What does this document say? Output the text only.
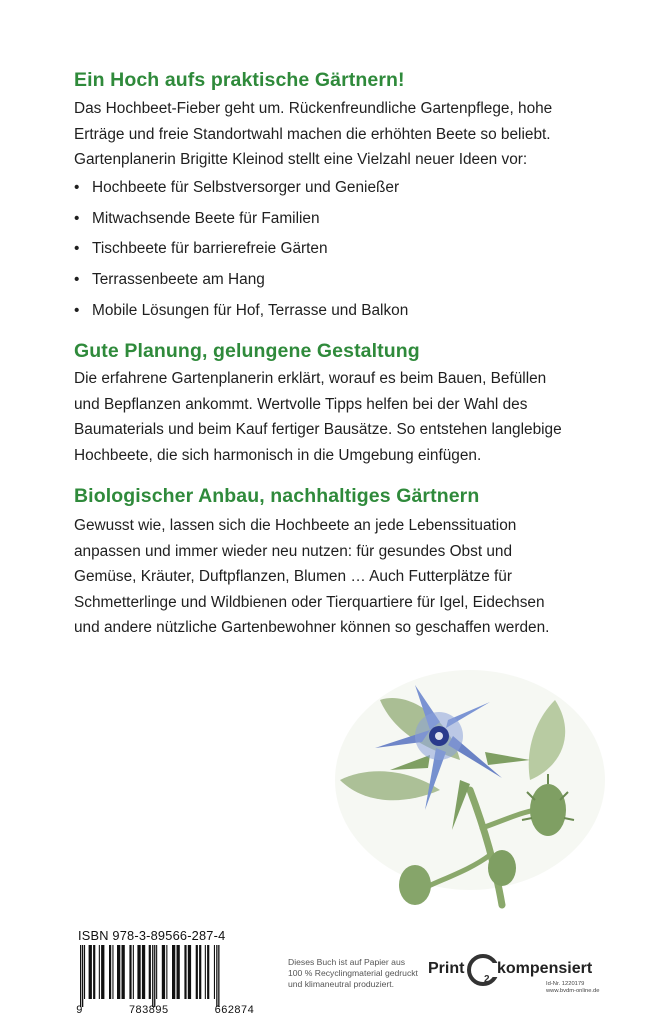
Ein Hoch aufs praktische Gärtnern!
Das Hochbeet-Fieber geht um. Rückenfreundliche Gartenpflege, hohe
Erträge und freie Standortwahl machen die erhöhten Beete so beliebt.
Gartenplanerin Brigitte Kleinod stellt eine Vielzahl neuer Ideen vor:
• Hochbeete für Selbstversorger und Genießer
• Mitwachsende Beete für Familien
• Tischbeete für barrierefreie Gärten
• Terrassenbeete am Hang
• Mobile Lösungen für Hof, Terrasse und Balkon
Gute Planung, gelungene Gestaltung
Die erfahrene Gartenplanerin erklärt, worauf es beim Bauen, Befüllen
und Bepflanzen ankommt. Wertvolle Tipps helfen bei der Wahl des
Baumaterials und beim Kauf fertiger Bausätze. So entstehen langlebige
Hochbeete, die sich harmonisch in die Umgebung einfügen.
Biologischer Anbau, nachhaltiges Gärtnern
Gewusst wie, lassen sich die Hochbeete an jede Lebenssituation
anpassen und immer wieder neu nutzen: für gesundes Obst und
Gemüse, Kräuter, Duftpflanzen, Blumen … Auch Futterplätze für
Schmetterlinge und Wildbienen oder Tierquartiere für Igel, Eidechsen
und andere nützliche Gartenbewohner können so geschaffen werden.
ISBN 978-3-89566-287-4
9	783895	662874
Dieses Buch ist auf Papier aus
100 % Recyclingmaterial gedruckt
und klimaneutral produziert.
Print
2
kompensiert
Id-Nr. 1220179
www.bvdm-online.de
